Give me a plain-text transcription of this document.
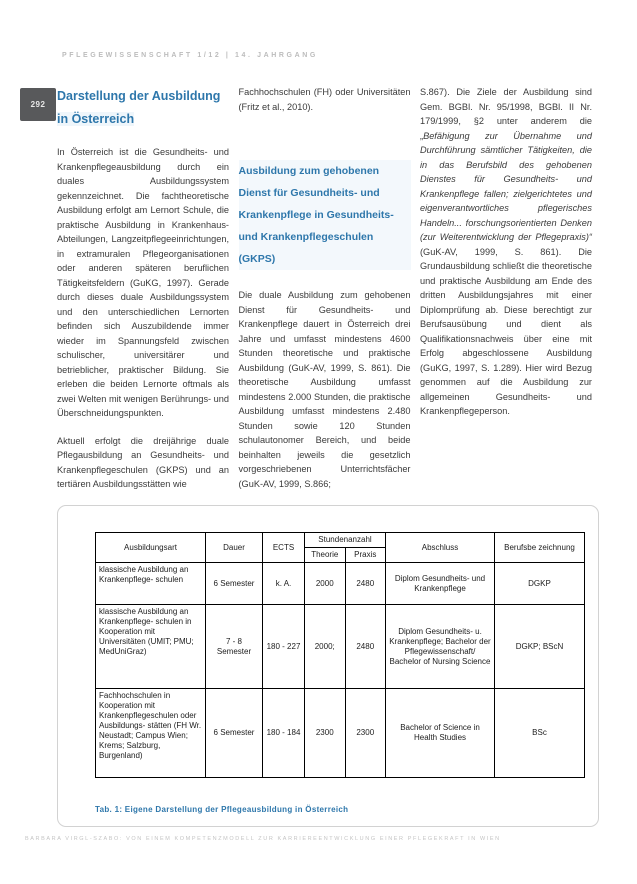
PFLEGEWISSENSCHAFT 1/12 | 14. JAHRGANG
292
Darstellung der Ausbildung
in Österreich
In Österreich ist die Gesundheits- und Krankenpflegeausbildung durch ein duales Ausbildungssystem gekennzeichnet. Die fachtheoretische Ausbildung erfolgt am Lernort Schule, die praktische Ausbildung in Krankenhaus-Abteilungen, Langzeitpflegeeinrichtungen, in extramuralen Pflegeorganisationen oder anderen späteren beruflichen Tätigkeitsfeldern (GuKG, 1997). Gerade durch dieses duale Ausbildungssystem und den unterschiedlichen Lernorten befinden sich Auszubildende immer wieder im Spannungsfeld zwischen schulischer, universitärer und betrieblicher, praktischer Bildung. Sie erleben die beiden Lernorte oftmals als zwei Welten mit wenigen Berührungs- und Überschneidungspunkten.
Aktuell erfolgt die dreijährige duale Pflegausbildung an Gesundheits- und Krankenpflegeschulen (GKPS) und an tertiären Ausbildungsstätten wie
Fachhochschulen (FH) oder Universitäten (Fritz et al., 2010).
Ausbildung zum gehobenen Dienst für Gesundheits- und Krankenpflege in Gesundheits- und Krankenpflegeschulen (GKPS)
Die duale Ausbildung zum gehobenen Dienst für Gesundheits- und Krankenpflege dauert in Österreich drei Jahre und umfasst mindestens 4600 Stunden theoretische und praktische Ausbildung (GuK-AV, 1999, S. 861). Die theoretische Ausbildung umfasst mindestens 2.000 Stunden, die praktische Ausbildung umfasst mindestens 2.480 Stunden sowie 120 Stunden schulautonomer Bereich, und beide beinhalten jeweils die gesetzlich vorgeschriebenen Unterrichtsfächer (GuK-AV, 1999, S.866;
S.867). Die Ziele der Ausbildung sind Gem. BGBl. Nr. 95/1998, BGBl. II Nr. 179/1999, §2 unter anderem die „Befähigung zur Übernahme und Durchführung sämtlicher Tätigkeiten, die in das Berufsbild des gehobenen Dienstes für Gesundheits- und Krankenpflege fallen; zielgerichtetes und eigenverantwortliches pflegerisches Handeln... forschungsorientierten Denken (zur Weiterentwicklung der Pflegepraxis)“ (GuK-AV, 1999, S. 861). Die Grundausbildung schließt die theoretische und praktische Ausbildung am Ende des dritten Ausbildungsjahres mit einer Diplomprüfung ab. Diese berechtigt zur Berufsausübung und dient als Qualifikationsnachweis über eine mit Erfolg abgeschlossene Ausbildung (GuKG, 1997, S. 1.289). Hier wird Bezug genommen auf die Ausbildung zur allgemeinen Gesundheits- und Krankenpflegeperson.
Ausbildungsart	Dauer	ECTS	Stundenanzahl		Abschluss	Berufsbe zeichnung
			Theorie	Praxis		
klassische Ausbildung an Krankenpflege- schulen	6 Semester	k. A.	2000	2480	Diplom Gesundheits- und Krankenpflege	DGKP
klassische Ausbildung an Krankenpflege- schulen in Kooperation mit Universitäten (UMIT; PMU; MedUniGraz)	7 - 8 Semester	180 - 227	2000;	2480	Diplom Gesundheits- u. Krankenpflege; Bachelor der Pflegewissenschaft/ Bachelor of Nursing Science	DGKP; BScN
Fachhochschulen in Kooperation mit Krankenpflegeschulen oder Ausbildungs- stätten (FH Wr. Neustadt; Campus Wien; Krems; Salzburg, Burgenland)	6 Semester	180 - 184	2300	2300	Bachelor of Science in Health Studies	BSc
Tab. 1: Eigene Darstellung der Pflegeausbildung in Österreich
BARBARA VIRGL-SZABO: VON EINEM KOMPETENZMODELL ZUR KARRIEREENTWICKLUNG EINER PFLEGEKRAFT IN WIEN
